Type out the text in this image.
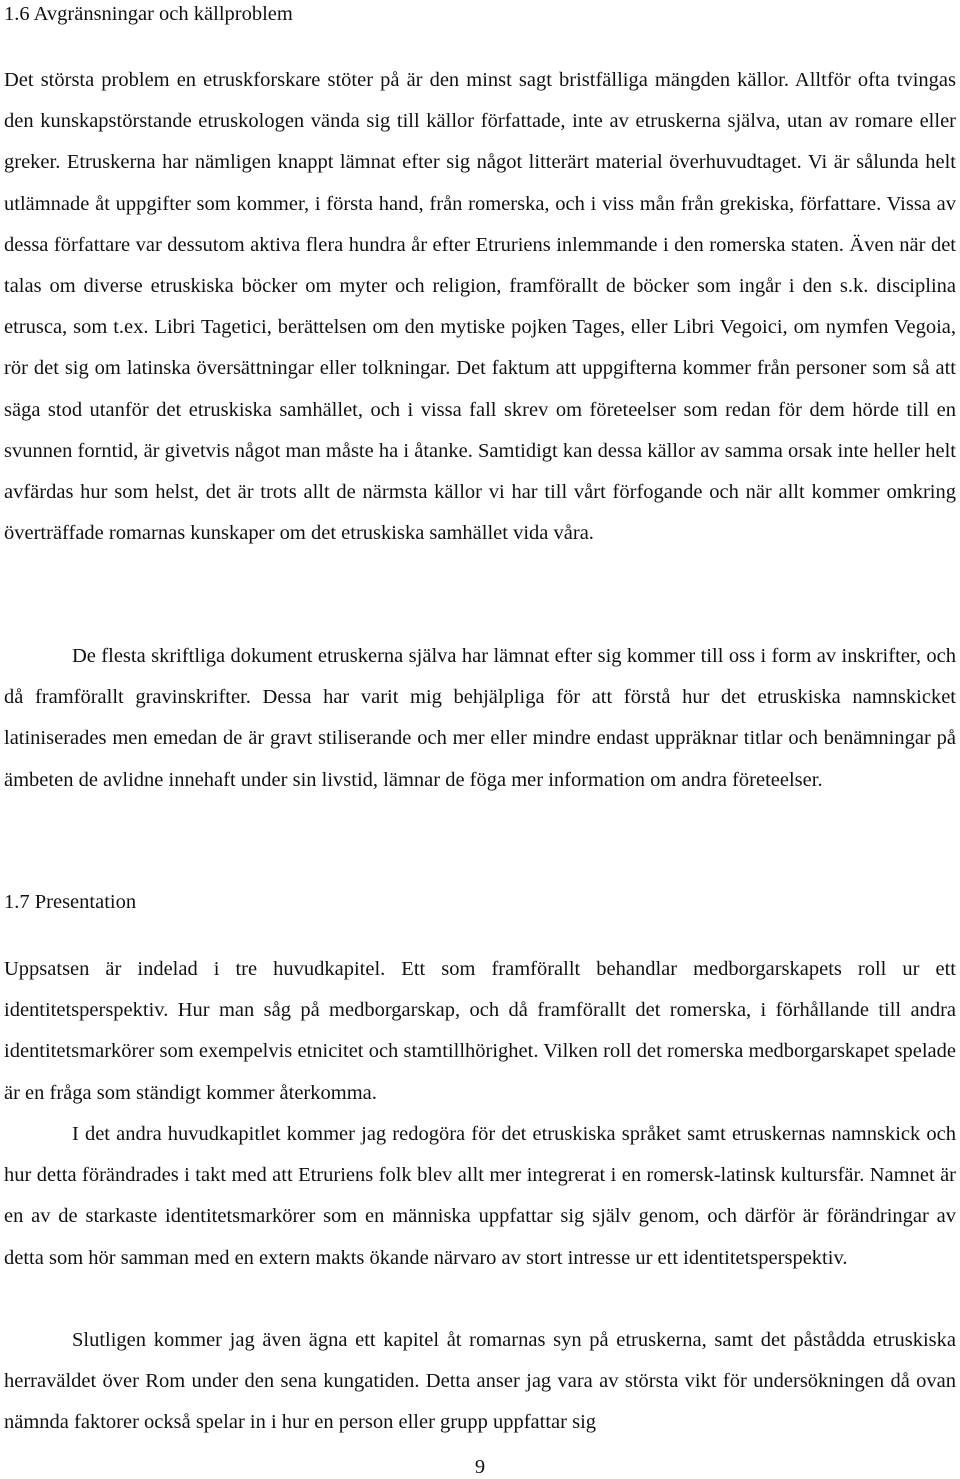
1.6 Avgränsningar och källproblem

Det största problem en etruskforskare stöter på är den minst sagt bristfälliga mängden källor. Alltför ofta tvingas den kunskapstörstande etruskologen vända sig till källor författade, inte av etruskerna själva, utan av romare eller greker. Etruskerna har nämligen knappt lämnat efter sig något litterärt material överhuvudtaget. Vi är sålunda helt utlämnade åt uppgifter som kommer, i första hand, från romerska, och i viss mån från grekiska, författare. Vissa av dessa författare var dessutom aktiva flera hundra år efter Etruriens inlemmande i den romerska staten. Även när det talas om diverse etruskiska böcker om myter och religion, framförallt de böcker som ingår i den s.k. disciplina etrusca, som t.ex. Libri Tagetici, berättelsen om den mytiske pojken Tages, eller Libri Vegoici, om nymfen Vegoia, rör det sig om latinska översättningar eller tolkningar. Det faktum att uppgifterna kommer från personer som så att säga stod utanför det etruskiska samhället, och i vissa fall skrev om företeelser som redan för dem hörde till en svunnen forntid, är givetvis något man måste ha i åtanke. Samtidigt kan dessa källor av samma orsak inte heller helt avfärdas hur som helst, det är trots allt de närmsta källor vi har till vårt förfogande och när allt kommer omkring överträffade romarnas kunskaper om det etruskiska samhället vida våra.

De flesta skriftliga dokument etruskerna själva har lämnat efter sig kommer till oss i form av inskrifter, och då framförallt gravinskrifter. Dessa har varit mig behjälpliga för att förstå hur det etruskiska namnskicket latiniserades men emedan de är gravt stiliserande och mer eller mindre endast uppräknar titlar och benämningar på ämbeten de avlidne innehaft under sin livstid, lämnar de föga mer information om andra företeelser.

1.7 Presentation

Uppsatsen är indelad i tre huvudkapitel. Ett som framförallt behandlar medborgarskapets roll ur ett identitetsperspektiv. Hur man såg på medborgarskap, och då framförallt det romerska, i förhållande till andra identitetsmarkörer som exempelvis etnicitet och stamtillhörighet. Vilken roll det romerska medborgarskapet spelade är en fråga som ständigt kommer återkomma.

I det andra huvudkapitlet kommer jag redogöra för det etruskiska språket samt etruskernas namnskick och hur detta förändrades i takt med att Etruriens folk blev allt mer integrerat i en romersk-latinsk kultursfär. Namnet är en av de starkaste identitetsmarkörer som en människa uppfattar sig själv genom, och därför är förändringar av detta som hör samman med en extern makts ökande närvaro av stort intresse ur ett identitetsperspektiv.

Slutligen kommer jag även ägna ett kapitel åt romarnas syn på etruskerna, samt det påstådda etruskiska herraväldet över Rom under den sena kungatiden. Detta anser jag vara av största vikt för undersökningen då ovan nämnda faktorer också spelar in i hur en person eller grupp uppfattar sig

9
